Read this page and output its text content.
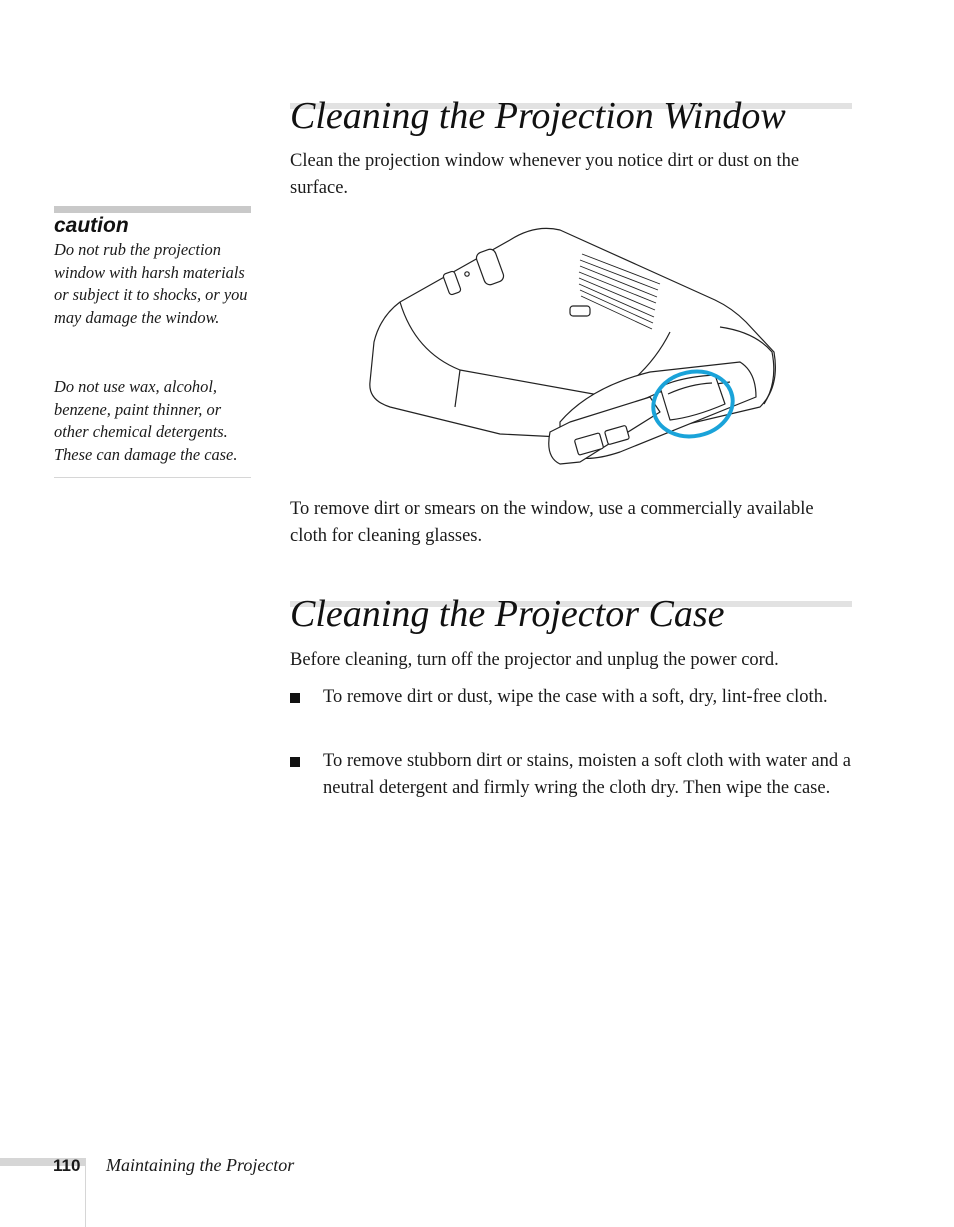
Cleaning the Projection Window

Clean the projection window whenever you notice dirt or dust on the surface.

caution

Do not rub the projection window with harsh materials or subject it to shocks, or you may damage the window.

Do not use wax, alcohol, benzene, paint thinner, or other chemical detergents. These can damage the case.

To remove dirt or smears on the window, use a commercially available cloth for cleaning glasses.

Cleaning the Projector Case

Before cleaning, turn off the projector and unplug the power cord.

To remove dirt or dust, wipe the case with a soft, dry, lint-free cloth.
To remove stubborn dirt or stains, moisten a soft cloth with water and a neutral detergent and firmly wring the cloth dry. Then wipe the case.
110 Maintaining the Projector
